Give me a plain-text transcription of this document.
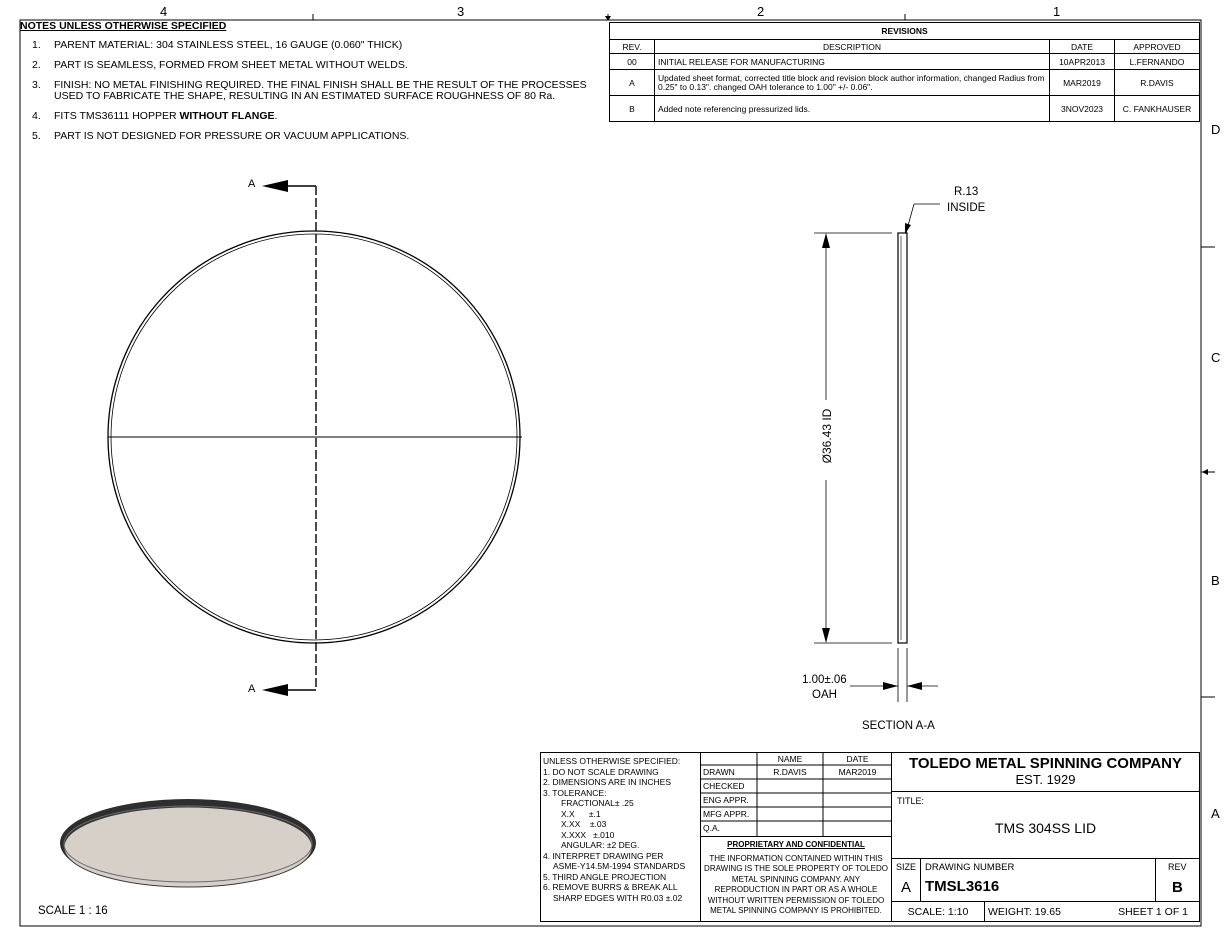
4	3	2	1
D
C
B
A
NOTES UNLESS OTHERWISE SPECIFIED
1.	PARENT MATERIAL: 304 STAINLESS STEEL, 16 GAUGE (0.060" THICK)
2.	PART IS SEAMLESS, FORMED FROM SHEET METAL WITHOUT WELDS.
3.	FINISH: NO METAL FINISHING REQUIRED. THE FINAL FINISH SHALL BE THE RESULT OF THE PROCESSES
USED TO FABRICATE THE SHAPE, RESULTING IN AN ESTIMATED SURFACE ROUGHNESS OF 80 Ra.
4.	FITS TMS36111 HOPPER WITHOUT FLANGE.
5.	PART IS NOT DESIGNED FOR PRESSURE OR VACUUM APPLICATIONS.
REVISIONS			
REV.	DESCRIPTION	DATE	APPROVED
00	INITIAL RELEASE FOR MANUFACTURING	10APR2013	L.FERNANDO
A	Updated sheet format, corrected title block and revision block author information, changed Radius from 0.25" to 0.13". changed OAH tolerance to 1.00" +/- 0.06".	MAR2019	R.DAVIS
B	Added note referencing pressurized lids.	3NOV2023	C. FANKHAUSER
A
A
R.13
INSIDE
Ø36.43 ID
1.00±.06
OAH
SECTION A-A
SCALE 1 : 16
UNLESS OTHERWISE SPECIFIED:
1. DO NOT SCALE DRAWING
2. DIMENSIONS ARE IN INCHES
3. TOLERANCE:
FRACTIONAL± .25
X.X      ±.1
X.XX    ±.03
X.XXX   ±.010
ANGULAR: ±2 DEG.
4. INTERPRET DRAWING PER
ASME-Y14.5M-1994 STANDARDS
5. THIRD ANGLE PROJECTION
6. REMOVE BURRS & BREAK ALL
SHARP EDGES WITH R0.03 ±.02
NAME	DATE
DRAWN	R.DAVIS	MAR2019
CHECKED
ENG APPR.
MFG APPR.
Q.A.
PROPRIETARY AND CONFIDENTIAL
THE INFORMATION CONTAINED WITHIN THIS DRAWING IS THE SOLE PROPERTY OF TOLEDO METAL SPINNING COMPANY. ANY REPRODUCTION IN PART OR AS A WHOLE WITHOUT WRITTEN PERMISSION OF TOLEDO METAL SPINNING COMPANY IS PROHIBITED.
TOLEDO METAL SPINNING COMPANY
EST. 1929
TITLE:
TMS 304SS LID
SIZE
A
DRAWING NUMBER
TMSL3616
REV
B
SCALE: 1:10	WEIGHT: 19.65	SHEET 1 OF 1
